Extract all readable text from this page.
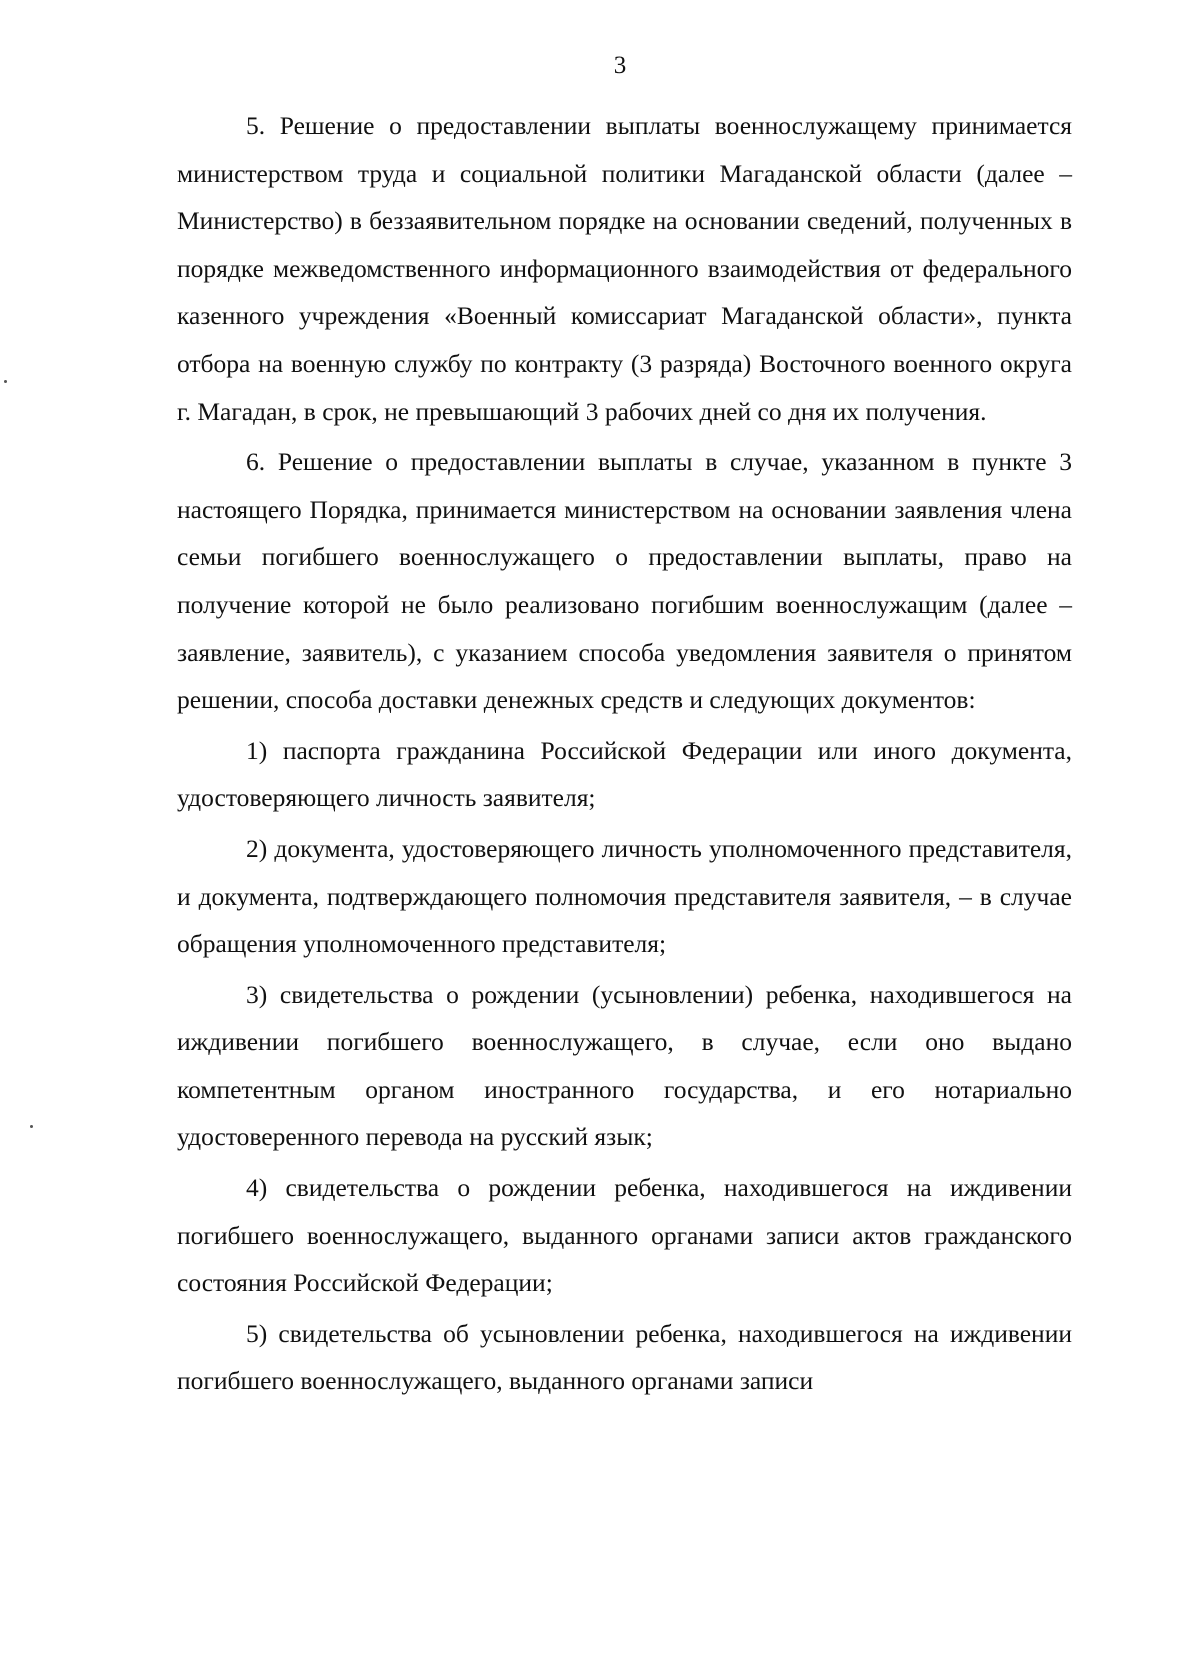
3

5. Решение о предоставлении выплаты военнослужащему принимается министерством труда и социальной политики Магаданской области (далее – Министерство) в беззаявительном порядке на основании сведений, полученных в порядке межведомственного информационного взаимодействия от федерального казенного учреждения «Военный комиссариат Магаданской области», пункта отбора на военную службу по контракту (3 разряда) Восточного военного округа г. Магадан, в срок, не превышающий 3 рабочих дней со дня их получения.

6. Решение о предоставлении выплаты в случае, указанном в пункте 3 настоящего Порядка, принимается министерством на основании заявления члена семьи погибшего военнослужащего о предоставлении выплаты, право на получение которой не было реализовано погибшим военнослужащим (далее – заявление, заявитель), с указанием способа уведомления заявителя о принятом решении, способа доставки денежных средств и следующих документов:

1) паспорта гражданина Российской Федерации или иного документа, удостоверяющего личность заявителя;

2) документа, удостоверяющего личность уполномоченного представителя, и документа, подтверждающего полномочия представителя заявителя, – в случае обращения уполномоченного представителя;

3) свидетельства о рождении (усыновлении) ребенка, находившегося на иждивении погибшего военнослужащего, в случае, если оно выдано компетентным органом иностранного государства, и его нотариально удостоверенного перевода на русский язык;

4) свидетельства о рождении ребенка, находившегося на иждивении погибшего военнослужащего, выданного органами записи актов гражданского состояния Российской Федерации;

5) свидетельства об усыновлении ребенка, находившегося на иждивении погибшего военнослужащего, выданного органами записи
